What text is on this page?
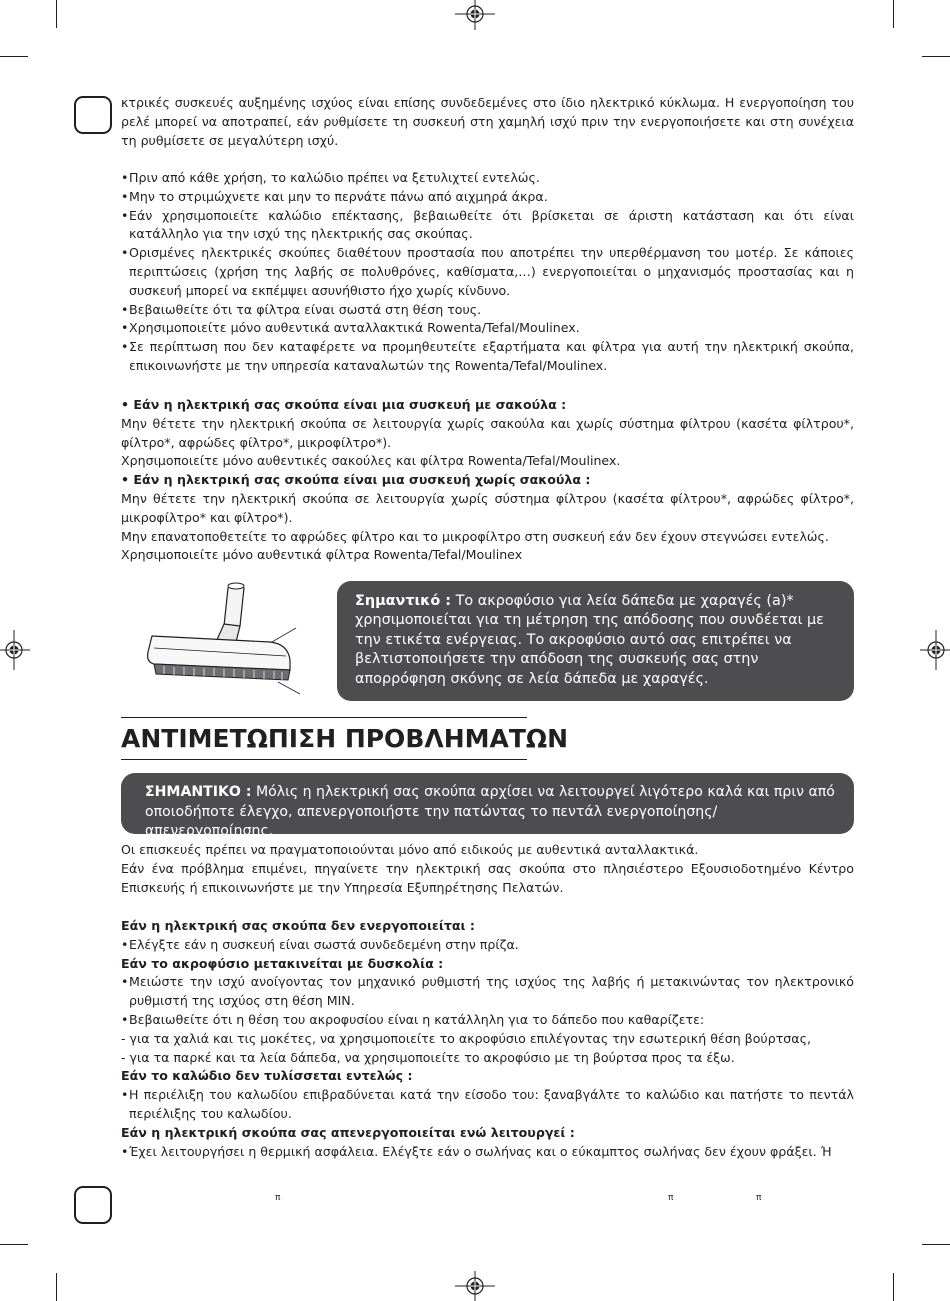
κτρικές συσκευές αυξημένης ισχύος είναι επίσης συνδεδεμένες στο ίδιο ηλεκτρικό κύκλωμα. Η ενεργοποίηση του ρελέ μπορεί να αποτραπεί, εάν ρυθμίσετε τη συσκευή στη χαμηλή ισχύ πριν την ενεργοποιήσετε και στη συνέχεια τη ρυθμίσετε σε μεγαλύτερη ισχύ.

• Πριν από κάθε χρήση, το καλώδιο πρέπει να ξετυλιχτεί εντελώς.
• Μην το στριμώχνετε και μην το περνάτε πάνω από αιχμηρά άκρα.
• Εάν χρησιμοποιείτε καλώδιο επέκτασης, βεβαιωθείτε ότι βρίσκεται σε άριστη κατάσταση και ότι είναι κατάλληλο για την ισχύ της ηλεκτρικής σας σκούπας.
• Ορισμένες ηλεκτρικές σκούπες διαθέτουν προστασία που αποτρέπει την υπερθέρμανση του μοτέρ. Σε κάποιες περιπτώσεις (χρήση της λαβής σε πολυθρόνες, καθίσματα,…) ενεργοποιείται ο μηχανισμός προστασίας και η συσκευή μπορεί να εκπέμψει ασυνήθιστο ήχο χωρίς κίνδυνο.
• Βεβαιωθείτε ότι τα φίλτρα είναι σωστά στη θέση τους.
• Χρησιμοποιείτε μόνο αυθεντικά ανταλλακτικά Rowenta/Tefal/Moulinex.
• Σε περίπτωση που δεν καταφέρετε να προμηθευτείτε εξαρτήματα και φίλτρα για αυτή την ηλεκτρική σκούπα, επικοινωνήστε με την υπηρεσία καταναλωτών της Rowenta/Tefal/Moulinex.
• Εάν η ηλεκτρική σας σκούπα είναι μια συσκευή με σακούλα :
Μην θέτετε την ηλεκτρική σκούπα σε λειτουργία χωρίς σακούλα και χωρίς σύστημα φίλτρου (κασέτα φίλτρου*, φίλτρο*, αφρώδες φίλτρο*, μικροφίλτρο*).
Χρησιμοποιείτε μόνο αυθεντικές σακούλες και φίλτρα Rowenta/Tefal/Moulinex.
• Εάν η ηλεκτρική σας σκούπα είναι μια συσκευή χωρίς σακούλα :
Μην θέτετε την ηλεκτρική σκούπα σε λειτουργία χωρίς σύστημα φίλτρου (κασέτα φίλτρου*, αφρώδες φίλτρο*, μικροφίλτρο* και φίλτρο*).
Μην επανατοποθετείτε το αφρώδες φίλτρο και το μικροφίλτρο στη συσκευή εάν δεν έχουν στεγνώσει εντελώς.
Χρησιμοποιείτε μόνο αυθεντικά φίλτρα Rowenta/Tefal/Moulinex
Σημαντικό : Το ακροφύσιο για λεία δάπεδα με χαραγές (a)* χρησιμοποιείται για τη μέτρηση της απόδοσης που συνδέεται με την ετικέτα ενέργειας. Το ακροφύσιο αυτό σας επιτρέπει να βελτιστοποιήσετε την απόδοση της συσκευής σας στην απορρόφηση σκόνης σε λεία δάπεδα με χαραγές.
ΑΝΤΙΜΕΤΩΠΙΣΗ ΠΡΟΒΛΗΜΑΤΩΝ
ΣΗΜΑΝΤΙΚΟ : Μόλις η ηλεκτρική σας σκούπα αρχίσει να λειτουργεί λιγότερο καλά και πριν από οποιοδήποτε έλεγχο, απενεργοποιήστε την πατώντας το πεντάλ ενεργοποίησης/απενεργοποίησης.
Οι επισκευές πρέπει να πραγματοποιούνται μόνο από ειδικούς με αυθεντικά ανταλλακτικά.
Εάν ένα πρόβλημα επιμένει, πηγαίνετε την ηλεκτρική σας σκούπα στο πλησιέστερο Εξουσιοδοτημένο Κέντρο Επισκευής ή επικοινωνήστε με την Υπηρεσία Εξυπηρέτησης Πελατών.
Εάν η ηλεκτρική σας σκούπα δεν ενεργοποιείται :
• Ελέγξτε εάν η συσκευή είναι σωστά συνδεδεμένη στην πρίζα.
Εάν το ακροφύσιο μετακινείται με δυσκολία :
• Μειώστε την ισχύ ανοίγοντας τον μηχανικό ρυθμιστή της ισχύος της λαβής ή μετακινώντας τον ηλεκτρονικό ρυθμιστή της ισχύος στη θέση MIN.
• Βεβαιωθείτε ότι η θέση του ακροφυσίου είναι η κατάλληλη για το δάπεδο που καθαρίζετε:
- για τα χαλιά και τις μοκέτες, να χρησιμοποιείτε το ακροφύσιο επιλέγοντας την εσωτερική θέση βούρτσας,
- για τα παρκέ και τα λεία δάπεδα, να χρησιμοποιείτε το ακροφύσιο με τη βούρτσα προς τα έξω.
Εάν το καλώδιο δεν τυλίσσεται εντελώς :
• Η περιέλιξη του καλωδίου επιβραδύνεται κατά την είσοδο του: ξαναβγάλτε το καλώδιο και πατήστε το πεντάλ περιέλιξης του καλωδίου.
Εάν η ηλεκτρική σκούπα σας απενεργοποιείται ενώ λειτουργεί :
• Έχει λειτουργήσει η θερμική ασφάλεια. Ελέγξτε εάν ο σωλήνας και ο εύκαμπτος σωλήνας δεν έχουν φράξει. Ή
π	π	π
